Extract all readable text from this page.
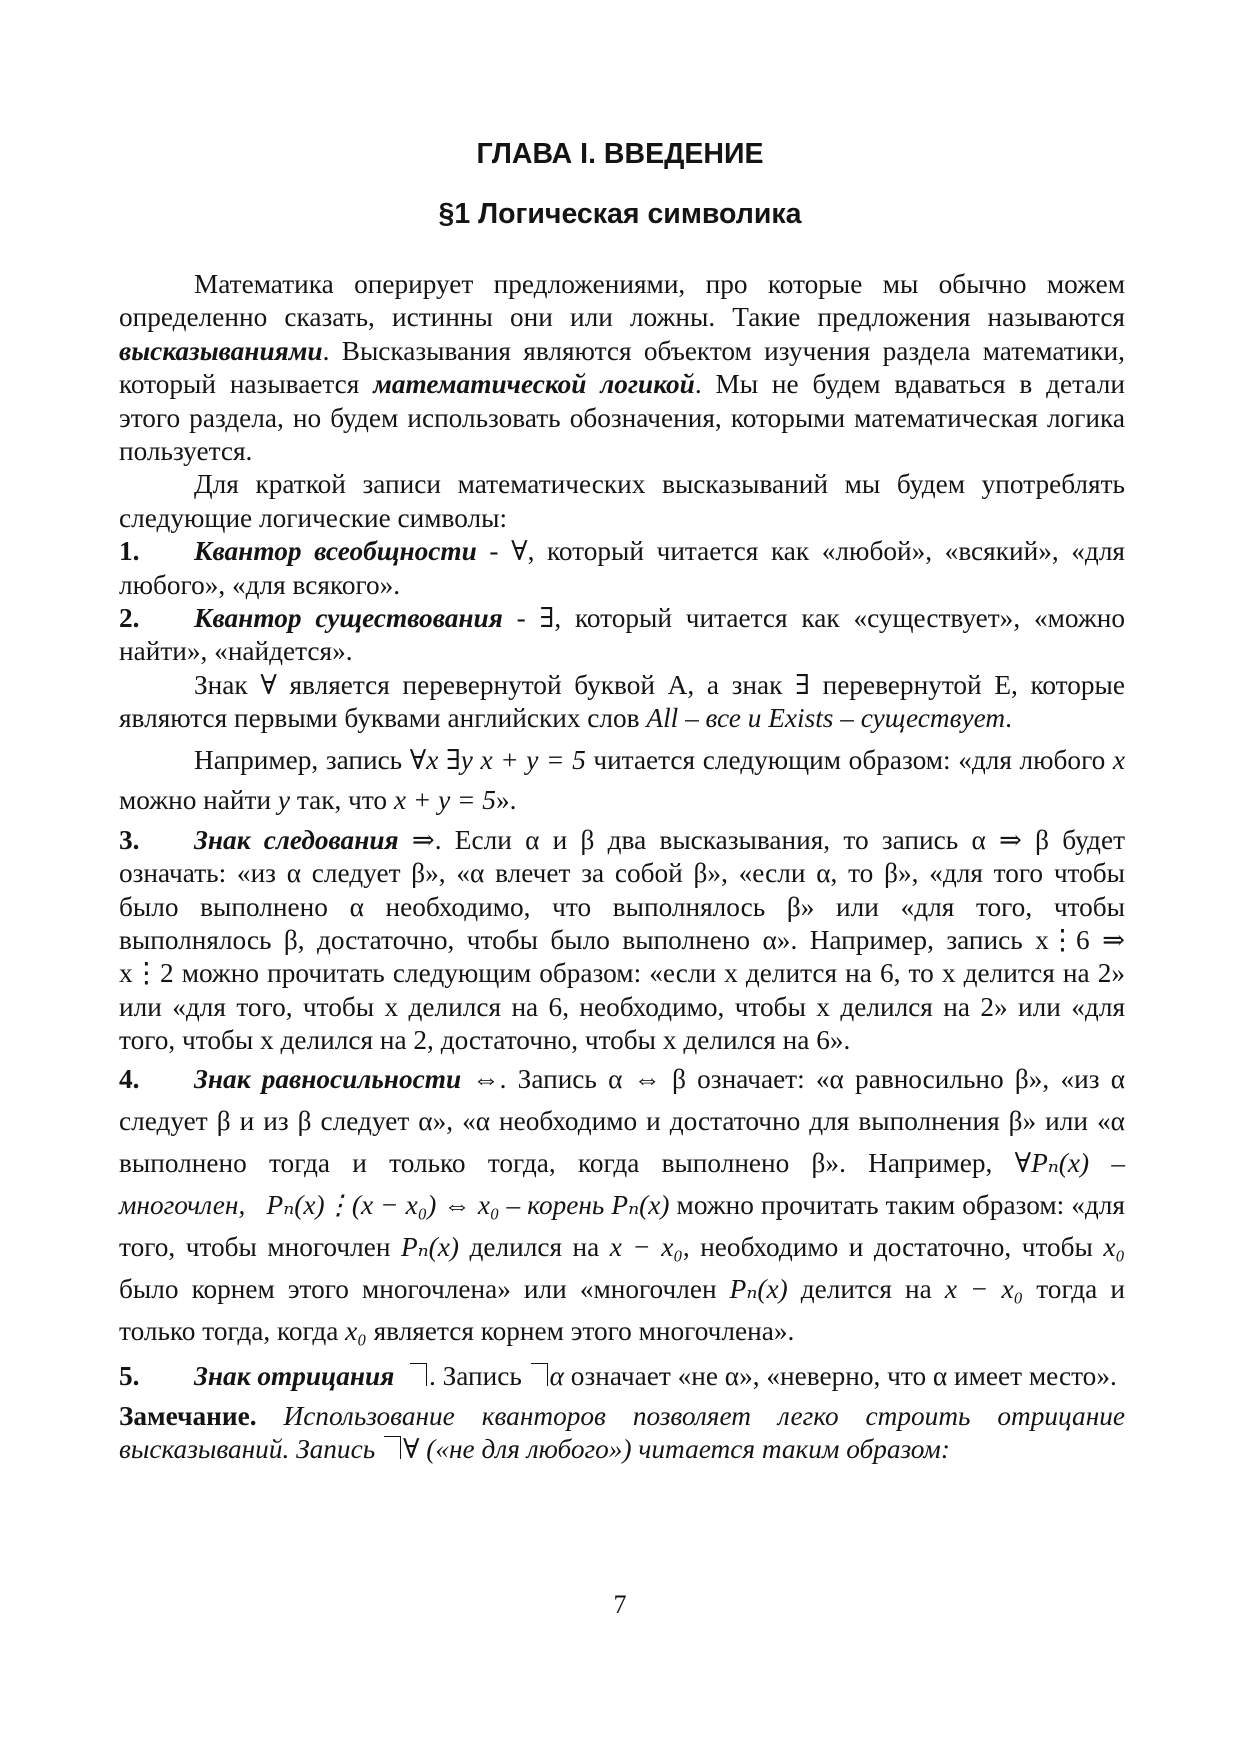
ГЛАВА I. ВВЕДЕНИЕ
§1 Логическая символика

Математика оперирует предложениями, про которые мы обычно можем определенно сказать, истинны они или ложны. Такие предложения называются высказываниями. Высказывания являются объектом изучения раздела математики, который называется математической логикой. Мы не будем вдаваться в детали этого раздела, но будем использовать обозначения, которыми математическая логика пользуется.

Для краткой записи математических высказываний мы будем употреблять следующие логические символы:

1. Квантор всеобщности - ∀, который читается как «любой», «всякий», «для любого», «для всякого».

2. Квантор существования - ∃, который читается как «существует», «можно найти», «найдется».

Знак ∀ является перевернутой буквой A, а знак ∃ перевернутой E, которые являются первыми буквами английских слов All – все и Exists – существует.

Например, запись ∀x ∃y x + y = 5 читается следующим образом: «для любого x можно найти y так, что x + y = 5».

3. Знак следования ⇒. Если α и β два высказывания, то запись α ⇒ β будет означать: «из α следует β», «α влечет за собой β», «если α, то β», «для того чтобы было выполнено α необходимо, что выполнялось β» или «для того, чтобы выполнялось β, достаточно, чтобы было выполнено α». Например, запись x⋮6 ⇒ x⋮2 можно прочитать следующим образом: «если x делится на 6, то x делится на 2» или «для того, чтобы x делился на 6, необходимо, чтобы x делился на 2» или «для того, чтобы x делился на 2, достаточно, чтобы x делился на 6».

4. Знак равносильности ⇔. Запись α ⇔ β означает: «α равносильно β», «из α следует β и из β следует α», «α необходимо и достаточно для выполнения β» или «α выполнено тогда и только тогда, когда выполнено β». Например, ∀Pₙ(x) – многочлен, Pₙ(x)⋮(x − x₀) ⇔ x₀ – корень Pₙ(x) можно прочитать таким образом: «для того, чтобы многочлен Pₙ(x) делился на x − x₀, необходимо и достаточно, чтобы x₀ было корнем этого многочлена» или «многочлен Pₙ(x) делится на x − x₀ тогда и только тогда, когда x₀ является корнем этого многочлена».

5. Знак отрицания . Запись α означает «не α», «неверно, что α имеет место».

Замечание. Использование кванторов позволяет легко строить отрицание высказываний. Запись ∀ («не для любого») читается таким образом:

7
